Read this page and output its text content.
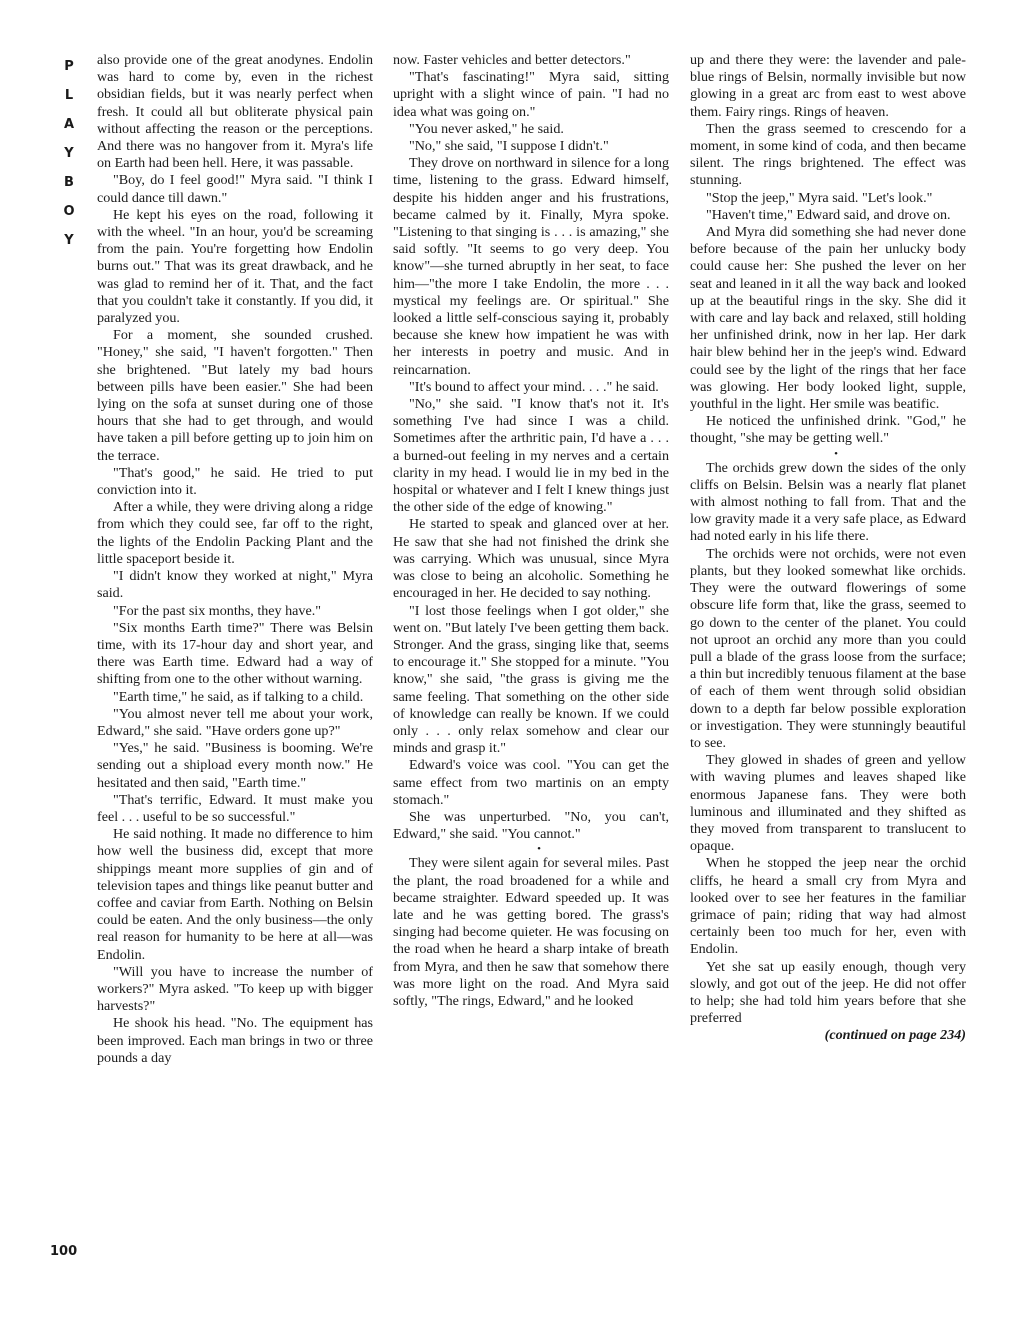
P
L
A
Y
B
O
Y

also provide one of the great anodynes. Endolin was hard to come by, even in the richest obsidian fields, but it was nearly perfect when fresh. It could all but obliterate physical pain without affecting the reason or the perceptions. And there was no hangover from it. Myra's life on Earth had been hell. Here, it was passable.

"Boy, do I feel good!" Myra said. "I think I could dance till dawn."

He kept his eyes on the road, following it with the wheel. "In an hour, you'd be screaming from the pain. You're forgetting how Endolin burns out." That was its great drawback, and he was glad to remind her of it. That, and the fact that you couldn't take it constantly. If you did, it paralyzed you.

For a moment, she sounded crushed. "Honey," she said, "I haven't forgotten." Then she brightened. "But lately my bad hours between pills have been easier." She had been lying on the sofa at sunset during one of those hours that she had to get through, and would have taken a pill before getting up to join him on the terrace.

"That's good," he said. He tried to put conviction into it.

After a while, they were driving along a ridge from which they could see, far off to the right, the lights of the Endolin Packing Plant and the little spaceport beside it.

"I didn't know they worked at night," Myra said.

"For the past six months, they have."

"Six months Earth time?" There was Belsin time, with its 17-hour day and short year, and there was Earth time. Edward had a way of shifting from one to the other without warning.

"Earth time," he said, as if talking to a child.

"You almost never tell me about your work, Edward," she said. "Have orders gone up?"

"Yes," he said. "Business is booming. We're sending out a shipload every month now." He hesitated and then said, "Earth time."

"That's terrific, Edward. It must make you feel . . . useful to be so successful."

He said nothing. It made no difference to him how well the business did, except that more shippings meant more supplies of gin and of television tapes and things like peanut butter and coffee and caviar from Earth. Nothing on Belsin could be eaten. And the only business—the only real reason for humanity to be here at all—was Endolin.

"Will you have to increase the number of workers?" Myra asked. "To keep up with bigger harvests?"

He shook his head. "No. The equipment has been improved. Each man brings in two or three pounds a day

now. Faster vehicles and better detectors."

"That's fascinating!" Myra said, sitting upright with a slight wince of pain. "I had no idea what was going on."

"You never asked," he said.

"No," she said, "I suppose I didn't."

They drove on northward in silence for a long time, listening to the grass. Edward himself, despite his hidden anger and his frustrations, became calmed by it. Finally, Myra spoke. "Listening to that singing is . . . is amazing," she said softly. "It seems to go very deep. You know"—she turned abruptly in her seat, to face him—"the more I take Endolin, the more . . . mystical my feelings are. Or spiritual." She looked a little self-conscious saying it, probably because she knew how impatient he was with her interests in poetry and music. And in reincarnation.

"It's bound to affect your mind. . . ." he said.

"No," she said. "I know that's not it. It's something I've had since I was a child. Sometimes after the arthritic pain, I'd have a . . . a burned-out feeling in my nerves and a certain clarity in my head. I would lie in my bed in the hospital or whatever and I felt I knew things just the other side of the edge of knowing."

He started to speak and glanced over at her. He saw that she had not finished the drink she was carrying. Which was unusual, since Myra was close to being an alcoholic. Something he encouraged in her. He decided to say nothing.

"I lost those feelings when I got older," she went on. "But lately I've been getting them back. Stronger. And the grass, singing like that, seems to encourage it." She stopped for a minute. "You know," she said, "the grass is giving me the same feeling. That something on the other side of knowledge can really be known. If we could only . . . only relax somehow and clear our minds and grasp it."

Edward's voice was cool. "You can get the same effect from two martinis on an empty stomach."

She was unperturbed. "No, you can't, Edward," she said. "You cannot."

•

They were silent again for several miles. Past the plant, the road broadened for a while and became straighter. Edward speeded up. It was late and he was getting bored. The grass's singing had become quieter. He was focusing on the road when he heard a sharp intake of breath from Myra, and then he saw that somehow there was more light on the road. And Myra said softly, "The rings, Edward," and he looked

up and there they were: the lavender and pale-blue rings of Belsin, normally invisible but now glowing in a great arc from east to west above them. Fairy rings. Rings of heaven.

Then the grass seemed to crescendo for a moment, in some kind of coda, and then became silent. The rings brightened. The effect was stunning.

"Stop the jeep," Myra said. "Let's look."

"Haven't time," Edward said, and drove on.

And Myra did something she had never done before because of the pain her unlucky body could cause her: She pushed the lever on her seat and leaned in it all the way back and looked up at the beautiful rings in the sky. She did it with care and lay back and relaxed, still holding her unfinished drink, now in her lap. Her dark hair blew behind her in the jeep's wind. Edward could see by the light of the rings that her face was glowing. Her body looked light, supple, youthful in the light. Her smile was beatific.

He noticed the unfinished drink. "God," he thought, "she may be getting well."

•

The orchids grew down the sides of the only cliffs on Belsin. Belsin was a nearly flat planet with almost nothing to fall from. That and the low gravity made it a very safe place, as Edward had noted early in his life there.

The orchids were not orchids, were not even plants, but they looked somewhat like orchids. They were the outward flowerings of some obscure life form that, like the grass, seemed to go down to the center of the planet. You could not uproot an orchid any more than you could pull a blade of the grass loose from the surface; a thin but incredibly tenuous filament at the base of each of them went through solid obsidian down to a depth far below possible exploration or investigation. They were stunningly beautiful to see.

They glowed in shades of green and yellow with waving plumes and leaves shaped like enormous Japanese fans. They were both luminous and illuminated and they shifted as they moved from transparent to translucent to opaque.

When he stopped the jeep near the orchid cliffs, he heard a small cry from Myra and looked over to see her features in the familiar grimace of pain; riding that way had almost certainly been too much for her, even with Endolin.

Yet she sat up easily enough, though very slowly, and got out of the jeep. He did not offer to help; she had told him years before that she preferred

(continued on page 234)

100
